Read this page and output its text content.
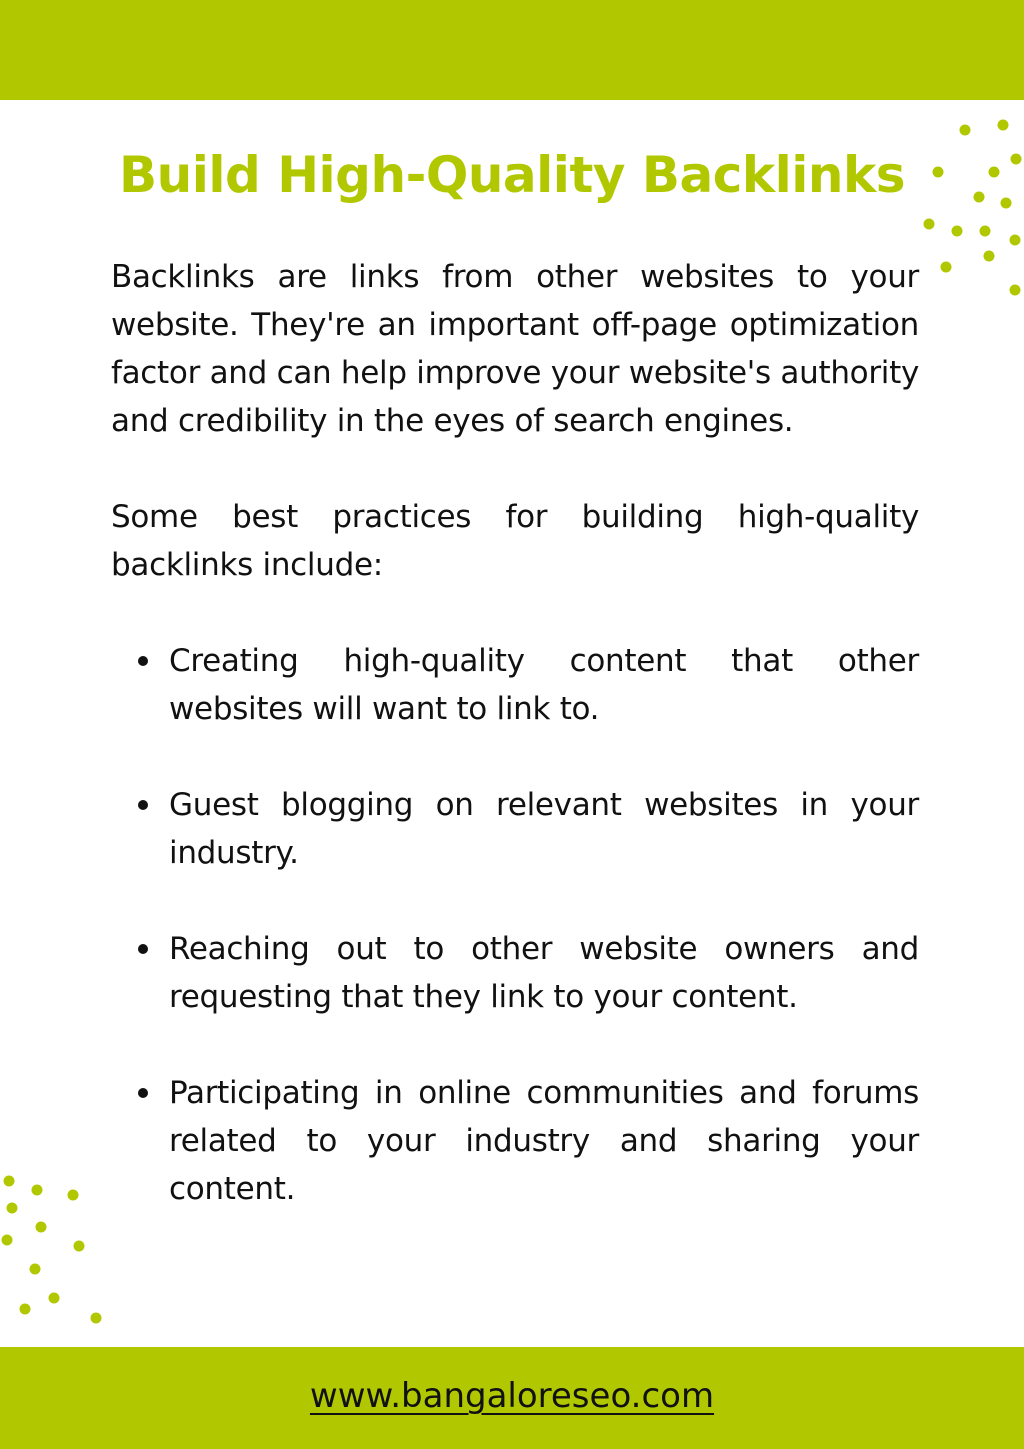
Build High-Quality Backlinks

Backlinks are links from other websites to your website. They're an important off-page optimization factor and can help improve your website's authority and credibility in the eyes of search engines.

Some best practices for building high-quality backlinks include:

Creating high-quality content that other websites will want to link to.
Guest blogging on relevant websites in your industry.
Reaching out to other website owners and requesting that they link to your content.
Participating in online communities and forums related to your industry and sharing your content.
www.bangaloreseo.com
